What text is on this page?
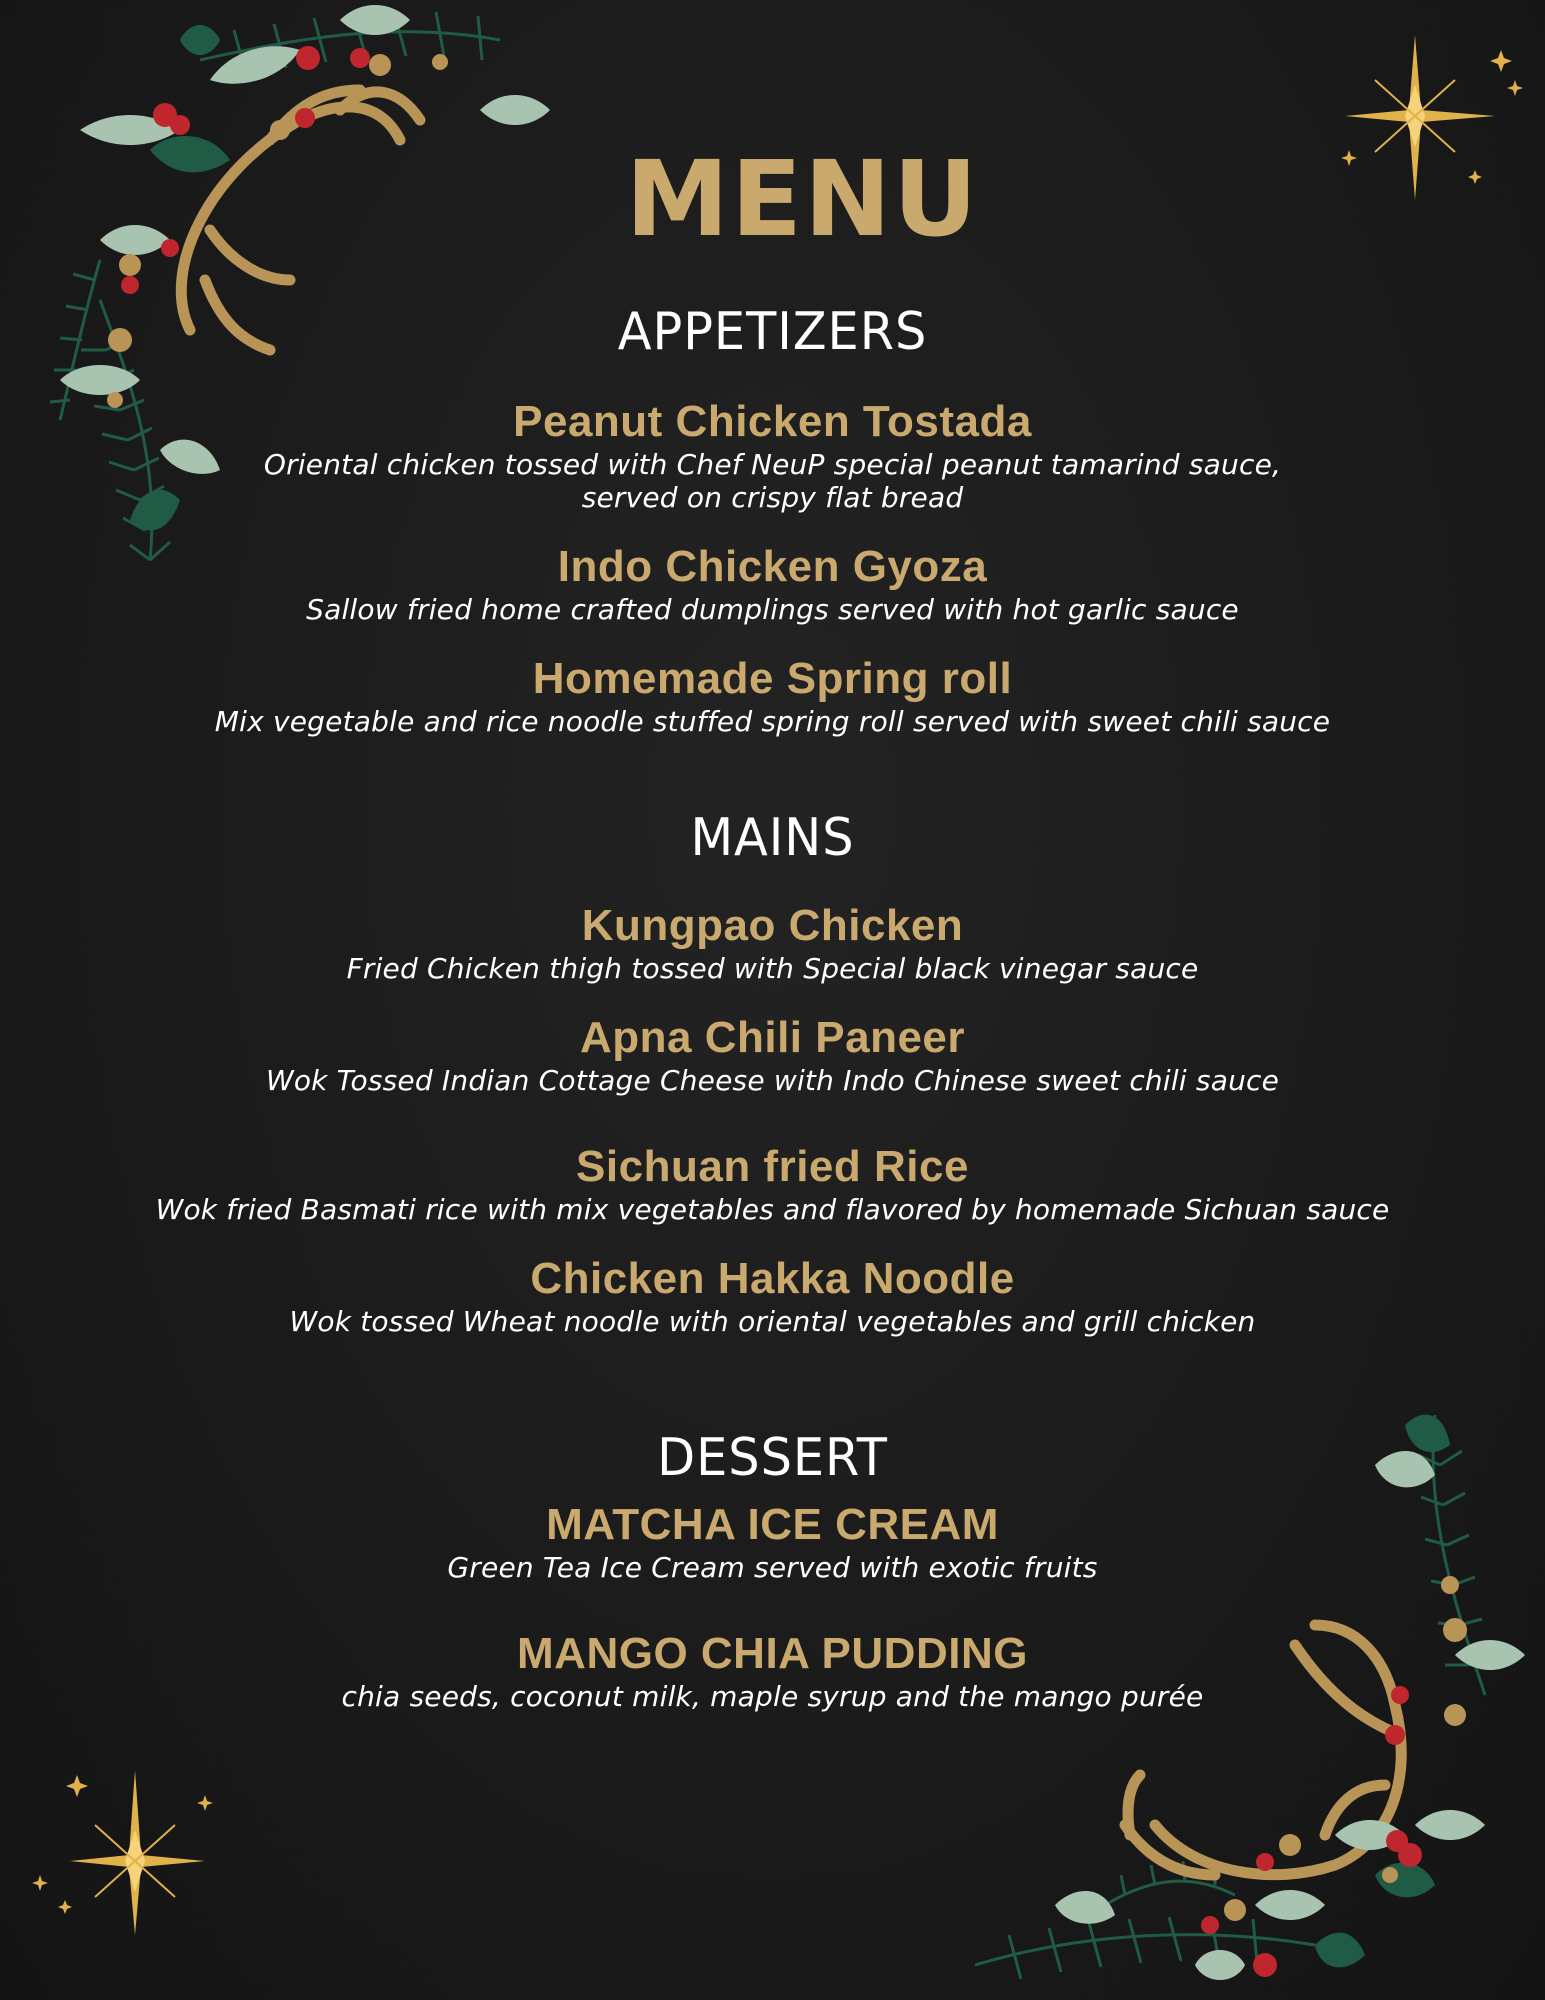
MENU
APPETIZERS
Peanut Chicken Tostada
Oriental chicken tossed with Chef NeuP special peanut tamarind sauce,
served on crispy flat bread
Indo Chicken Gyoza
Sallow fried home crafted dumplings served with hot garlic sauce
Homemade Spring roll
Mix vegetable and rice noodle stuffed spring roll served with sweet chili sauce
MAINS
Kungpao Chicken
Fried Chicken thigh tossed with Special black vinegar sauce
Apna Chili Paneer
Wok Tossed Indian Cottage Cheese with Indo Chinese sweet chili sauce
Sichuan fried Rice
Wok fried Basmati rice with mix vegetables and flavored by homemade Sichuan sauce
Chicken Hakka Noodle
Wok tossed Wheat noodle with oriental vegetables and grill chicken
DESSERT
MATCHA ICE CREAM
Green Tea Ice Cream served with exotic fruits
MANGO CHIA PUDDING
chia seeds, coconut milk, maple syrup and the mango purée
